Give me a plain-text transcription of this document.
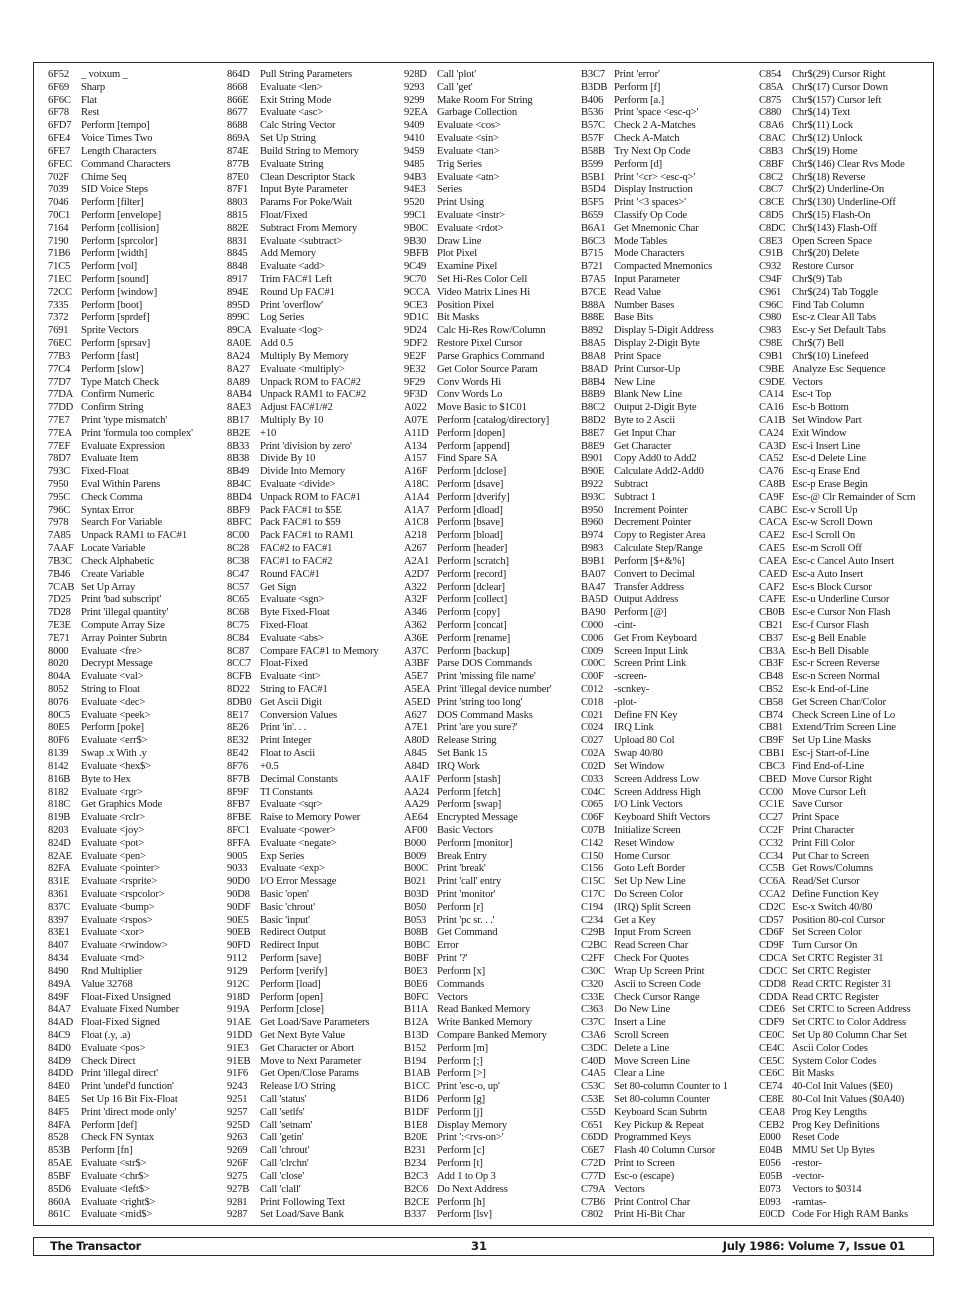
6F52 _ votxum _
6F69 Sharp
6F6C Flat
6F78 Rest
6FD7 Perform [tempo]
6FE4 Voice Times Two
6FE7 Length Characters
6FEC Command Characters
702F Chime Seq
7039 SID Voice Steps
7046 Perform [filter]
70C1 Perform [envelope]
7164 Perform [collision]
7190 Perform [sprcolor]
71B6 Perform [width]
71C5 Perform [vol]
71EC Perform [sound]
72CC Perform [window]
7335 Perform [boot]
7372 Perform [sprdef]
7691 Sprite Vectors
76EC Perform [sprsav]
77B3 Perform [fast]
77C4 Perform [slow]
77D7 Type Match Check
77DA Confirm Numeric
77DD Confirm String
77E7 Print 'type mismatch'
77EA Print 'formula too complex'
77EF Evaluate Expression
78D7 Evaluate Item
793C Fixed-Float
7950 Eval Within Parens
795C Check Comma
796C Syntax Error
7978 Search For Variable
7A85 Unpack RAM1 to FAC#1
7AAF Locate Variable
7B3C Check Alphabetic
7B46 Create Variable
7CAB Set Up Array
7D25 Print 'bad subscript'
7D28 Print 'illegal quantity'
7E3E Compute Array Size
7E71 Array Pointer Subrtn
8000 Evaluate <fre>
8020 Decrypt Message
804A Evaluate <val>
8052 String to Float
8076 Evaluate <dec>
80C5 Evaluate <peek>
80E5 Perform [poke]
80F6 Evaluate <err$>
8139 Swap .x With .y
8142 Evaluate <hex$>
816B Byte to Hex
8182 Evaluate <rgr>
818C Get Graphics Mode
819B Evaluate <rclr>
8203 Evaluate <joy>
824D Evaluate <pot>
82AE Evaluate <pen>
82FA Evaluate <pointer>
831E Evaluate <rsprite>
8361 Evaluate <rspcolor>
837C Evaluate <bump>
8397 Evaluate <rspos>
83E1 Evaluate <xor>
8407 Evaluate <rwindow>
8434 Evaluate <rnd>
8490 Rnd Multiplier
849A Value 32768
849F Float-Fixed Unsigned
84A7 Evaluate Fixed Number
84AD Float-Fixed Signed
84C9 Float (.y, .a)
84D0 Evaluate <pos>
84D9 Check Direct
84DD Print 'illegal direct'
84E0 Print 'undef'd function'
84E5 Set Up 16 Bit Fix-Float
84F5 Print 'direct mode only'
84FA Perform [def]
8528 Check FN Syntax
853B Perform [fn]
85AE Evaluate <str$>
85BF Evaluate <chr$>
85D6 Evaluate <left$>
860A Evaluate <right$>
861C Evaluate <mid$>
864D Pull String Parameters
8668 Evaluate <len>
866E Exit String Mode
8677 Evaluate <asc>
8688 Calc String Vector
869A Set Up String
874E Build String to Memory
877B Evaluate String
87E0 Clean Descriptor Stack
87F1 Input Byte Parameter
8803 Params For Poke/Wait
8815 Float/Fixed
882E Subtract From Memory
8831 Evaluate <subtract>
8845 Add Memory
8848 Evaluate <add>
8917 Trim FAC#1 Left
894E Round Up FAC#1
895D Print 'overflow'
899C Log Series
89CA Evaluate <log>
8A0E Add 0.5
8A24 Multiply By Memory
8A27 Evaluate <multiply>
8A89 Unpack ROM to FAC#2
8AB4 Unpack RAM1 to FAC#2
8AE3 Adjust FAC#1/#2
8B17 Multiply By 10
8B2E +10
8B33 Print 'division by zero'
8B38 Divide By 10
8B49 Divide Into Memory
8B4C Evaluate <divide>
8BD4 Unpack ROM to FAC#1
8BF9 Pack FAC#1 to $5E
8BFC Pack FAC#1 to $59
8C00 Pack FAC#1 to RAM1
8C28 FAC#2 to FAC#1
8C38 FAC#1 to FAC#2
8C47 Round FAC#1
8C57 Get Sign
8C65 Evaluate <sgn>
8C68 Byte Fixed-Float
8C75 Fixed-Float
8C84 Evaluate <abs>
8C87 Compare FAC#1 to Memory
8CC7 Float-Fixed
8CFB Evaluate <int>
8D22 String to FAC#1
8DB0 Get Ascii Digit
8E17 Conversion Values
8E26 Print 'in'. . .
8E32 Print Integer
8E42 Float to Ascii
8F76 +0.5
8F7B Decimal Constants
8F9F TI Constants
8FB7 Evaluate <sqr>
8FBE Raise to Memory Power
8FC1 Evaluate <power>
8FFA Evaluate <negate>
9005 Exp Series
9033 Evaluate <exp>
90D0 I/O Error Message
90D8 Basic 'open'
90DF Basic 'chrout'
90E5 Basic 'input'
90EB Redirect Output
90FD Redirect Input
9112 Perform [save]
9129 Perform [verify]
912C Perform [load]
918D Perform [open]
919A Perform [close]
91AE Get Load/Save Parameters
91DD Get Next Byte Value
91E3 Get Character or Abort
91EB Move to Next Parameter
91F6 Get Open/Close Params
9243 Release I/O String
9251 Call 'status'
9257 Call 'setlfs'
925D Call 'setnam'
9263 Call 'getin'
9269 Call 'chrout'
926F Call 'clrchn'
9275 Call 'close'
927B Call 'clall'
9281 Print Following Text
9287 Set Load/Save Bank
928D Call 'plot'
9293 Call 'get'
9299 Make Room For String
92EA Garbage Collection
9409 Evaluate <cos>
9410 Evaluate <sin>
9459 Evaluate <tan>
9485 Trig Series
94B3 Evaluate <atn>
94E3 Series
9520 Print Using
99C1 Evaluate <instr>
9B0C Evaluate <rdot>
9B30 Draw Line
9BFB Plot Pixel
9C49 Examine Pixel
9C70 Set Hi-Res Color Cell
9CCA Video Matrix Lines Hi
9CE3 Position Pixel
9D1C Bit Masks
9D24 Calc Hi-Res Row/Column
9DF2 Restore Pixel Cursor
9E2F Parse Graphics Command
9E32 Get Color Source Param
9F29 Conv Words Hi
9F3D Conv Words Lo
A022 Move Basic to $1C01
A07E Perform [catalog/directory]
A11D Perform [dopen]
A134 Perform [append]
A157 Find Spare SA
A16F Perform [dclose]
A18C Perform [dsave]
A1A4 Perform [dverify]
A1A7 Perform [dload]
A1C8 Perform [bsave]
A218 Perform [bload]
A267 Perform [header]
A2A1 Perform [scratch]
A2D7 Perform [record]
A322 Perform [dclear]
A32F Perform [collect]
A346 Perform [copy]
A362 Perform [concat]
A36E Perform [rename]
A37C Perform [backup]
A3BF Parse DOS Commands
A5E7 Print 'missing file name'
A5EA Print 'illegal device number'
A5ED Print 'string too long'
A627 DOS Command Masks
A7E1 Print 'are you sure?'
A80D Release String
A845 Set Bank 15
A84D IRQ Work
AA1F Perform [stash]
AA24 Perform [fetch]
AA29 Perform [swap]
AE64 Encrypted Message
AF00 Basic Vectors
B000 Perform [monitor]
B009 Break Entry
B00C Print 'break'
B021 Print 'call' entry
B03D Print 'monitor'
B050 Perform [r]
B053 Print 'pc sr. . .'
B08B Get Command
B0BC Error
B0BF Print '?'
B0E3 Perform [x]
B0E6 Commands
B0FC Vectors
B11A Read Banked Memory
B12A Write Banked Memory
B13D Compare Banked Memory
B152 Perform [m]
B194 Perform [;]
B1AB Perform [>]
B1CC Print 'esc-o, up'
B1D6 Perform [g]
B1DF Perform [j]
B1E8 Display Memory
B20E Print ':<rvs-on>'
B231 Perform [c]
B234 Perform [t]
B2C3 Add 1 to Op 3
B2C6 Do Next Address
B2CE Perform [h]
B337 Perform [lsv]
B3C7 Print 'error'
B3DB Perform [f]
B406 Perform [a.]
B536 Print 'space <esc-q>'
B57C Check 2 A-Matches
B57F Check A-Match
B58B Try Next Op Code
B599 Perform [d]
B5B1 Print '<cr> <esc-q>'
B5D4 Display Instruction
B5F5 Print '<3 spaces>'
B659 Classify Op Code
B6A1 Get Mnemonic Char
B6C3 Mode Tables
B715 Mode Characters
B721 Compacted Mnemonics
B7A5 Input Parameter
B7CE Read Value
B88A Number Bases
B88E Base Bits
B892 Display 5-Digit Address
B8A5 Display 2-Digit Byte
B8A8 Print Space
B8AD Print Cursor-Up
B8B4 New Line
B8B9 Blank New Line
B8C2 Output 2-Digit Byte
B8D2 Byte to 2 Ascii
B8E7 Get Input Char
B8E9 Get Character
B901 Copy Add0 to Add2
B90E Calculate Add2-Add0
B922 Subtract
B93C Subtract 1
B950 Increment Pointer
B960 Decrement Pointer
B974 Copy to Register Area
B983 Calculate Step/Range
B9B1 Perform [$+&%]
BA07 Convert to Decimal
BA47 Transfer Address
BA5D Output Address
BA90 Perform [@]
C000 -cint-
C006 Get From Keyboard
C009 Screen Input Link
C00C Screen Print Link
C00F -screen-
C012 -scnkey-
C018 -plot-
C021 Define FN Key
C024 IRQ Link
C027 Upload 80 Col
C02A Swap 40/80
C02D Set Window
C033 Screen Address Low
C04C Screen Address High
C065 I/O Link Vectors
C06F Keyboard Shift Vectors
C07B Initialize Screen
C142 Reset Window
C150 Home Cursor
C156 Goto Left Border
C15C Set Up New Line
C17C Do Screen Color
C194 (IRQ) Split Screen
C234 Get a Key
C29B Input From Screen
C2BC Read Screen Char
C2FF Check For Quotes
C30C Wrap Up Screen Print
C320 Ascii to Screen Code
C33E Check Cursor Range
C363 Do New Line
C37C Insert a Line
C3A6 Scroll Screen
C3DC Delete a Line
C40D Move Screen Line
C4A5 Clear a Line
C53C Set 80-column Counter to 1
C53E Set 80-column Counter
C55D Keyboard Scan Subrtn
C651 Key Pickup & Repeat
C6DD Programmed Keys
C6E7 Flash 40 Column Cursor
C72D Print to Screen
C77D Esc-o (escape)
C79A Vectors
C7B6 Print Control Char
C802 Print Hi-Bit Char
C854 Chr$(29) Cursor Right
C85A Chr$(17) Cursor Down
C875 Chr$(157) Cursor left
C880 Chr$(14) Text
C8A6 Chr$(11) Lock
C8AC Chr$(12) Unlock
C8B3 Chr$(19) Home
C8BF Chr$(146) Clear Rvs Mode
C8C2 Chr$(18) Reverse
C8C7 Chr$(2) Underline-On
C8CE Chr$(130) Underline-Off
C8D5 Chr$(15) Flash-On
C8DC Chr$(143) Flash-Off
C8E3 Open Screen Space
C91B Chr$(20) Delete
C932 Restore Cursor
C94F Chr$(9) Tab
C961 Chr$(24) Tab Toggle
C96C Find Tab Column
C980 Esc-z Clear All Tabs
C983 Esc-y Set Default Tabs
C98E Chr$(7) Bell
C9B1 Chr$(10) Linefeed
C9BE Analyze Esc Sequence
C9DE Vectors
CA14 Esc-t Top
CA16 Esc-b Bottom
CA1B Set Window Part
CA24 Exit Window
CA3D Esc-i Insert Line
CA52 Esc-d Delete Line
CA76 Esc-q Erase End
CA8B Esc-p Erase Begin
CA9F Esc-@ Clr Remainder of Scrn
CABC Esc-v Scroll Up
CACA Esc-w Scroll Down
CAE2 Esc-l Scroll On
CAE5 Esc-m Scroll Off
CAEA Esc-c Cancel Auto Insert
CAED Esc-a Auto Insert
CAF2 Esc-s Block Cursor
CAFE Esc-u Underline Cursor
CB0B Esc-e Cursor Non Flash
CB21 Esc-f Cursor Flash
CB37 Esc-g Bell Enable
CB3A Esc-h Bell Disable
CB3F Esc-r Screen Reverse
CB48 Esc-n Screen Normal
CB52 Esc-k End-of-Line
CB58 Get Screen Char/Color
CB74 Check Screen Line of Lo
CB81 Extend/Trim Screen Line
CB9F Set Up Line Masks
CBB1 Esc-j Start-of-Line
CBC3 Find End-of-Line
CBED Move Cursor Right
CC00 Move Cursor Left
CC1E Save Cursor
CC27 Print Space
CC2F Print Character
CC32 Print Fill Color
CC34 Put Char to Screen
CC5B Get Rows/Columns
CC6A Read/Set Cursor
CCA2 Define Function Key
CD2C Esc-x Switch 40/80
CD57 Position 80-col Cursor
CD6F Set Screen Color
CD9F Turn Cursor On
CDCA Set CRTC Register 31
CDCC Set CRTC Register
CDD8 Read CRTC Register 31
CDDA Read CRTC Register
CDE6 Set CRTC to Screen Address
CDF9 Set CRTC to Color Address
CE0C Set Up 80 Column Char Set
CE4C Ascii Color Codes
CE5C System Color Codes
CE6C Bit Masks
CE74 40-Col Init Values ($E0)
CE8E 80-Col Init Values ($0A40)
CEA8 Prog Key Lengths
CEB2 Prog Key Definitions
E000 Reset Code
E04B MMU Set Up Bytes
E056 -restor-
E05B -vector-
E073 Vectors to $0314
E093 -ramtas-
E0CD Code For High RAM Banks
The Transactor	31	July 1986: Volume 7, Issue 01
